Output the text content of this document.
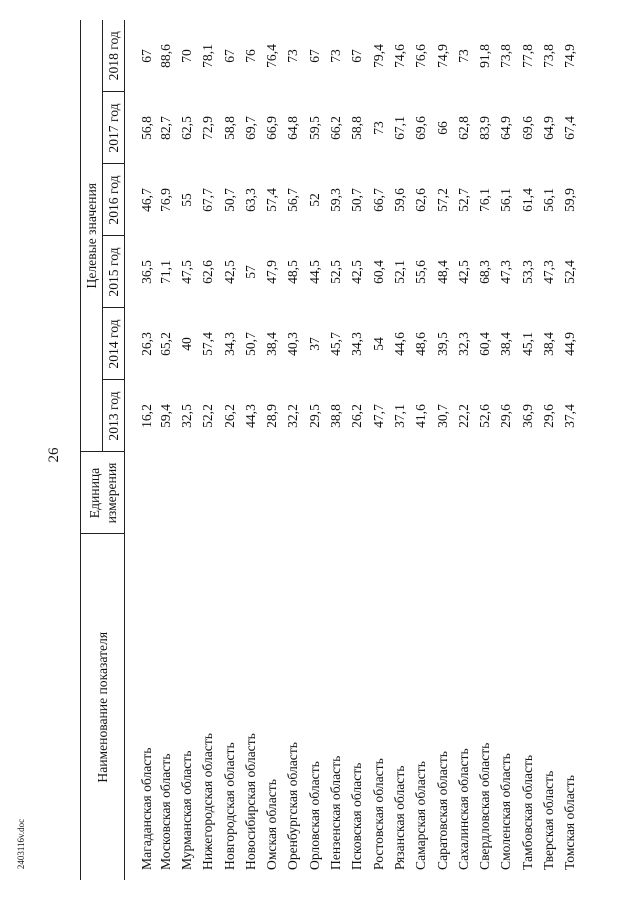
26
2403116v.doc
Наименование показателя	Единица измерения	Целевые значения					
		2013 год	2014 год	2015 год	2016 год	2017 год	2018 год
Магаданская область		16,2	26,3	36,5	46,7	56,8	67
Московская область		59,4	65,2	71,1	76,9	82,7	88,6
Мурманская область		32,5	40	47,5	55	62,5	70
Нижегородская область		52,2	57,4	62,6	67,7	72,9	78,1
Новгородская область		26,2	34,3	42,5	50,7	58,8	67
Новосибирская область		44,3	50,7	57	63,3	69,7	76
Омская область		28,9	38,4	47,9	57,4	66,9	76,4
Оренбургская область		32,2	40,3	48,5	56,7	64,8	73
Орловская область		29,5	37	44,5	52	59,5	67
Пензенская область		38,8	45,7	52,5	59,3	66,2	73
Псковская область		26,2	34,3	42,5	50,7	58,8	67
Ростовская область		47,7	54	60,4	66,7	73	79,4
Рязанская область		37,1	44,6	52,1	59,6	67,1	74,6
Самарская область		41,6	48,6	55,6	62,6	69,6	76,6
Саратовская область		30,7	39,5	48,4	57,2	66	74,9
Сахалинская область		22,2	32,3	42,5	52,7	62,8	73
Свердловская область		52,6	60,4	68,3	76,1	83,9	91,8
Смоленская область		29,6	38,4	47,3	56,1	64,9	73,8
Тамбовская область		36,9	45,1	53,3	61,4	69,6	77,8
Тверская область		29,6	38,4	47,3	56,1	64,9	73,8
Томская область		37,4	44,9	52,4	59,9	67,4	74,9
